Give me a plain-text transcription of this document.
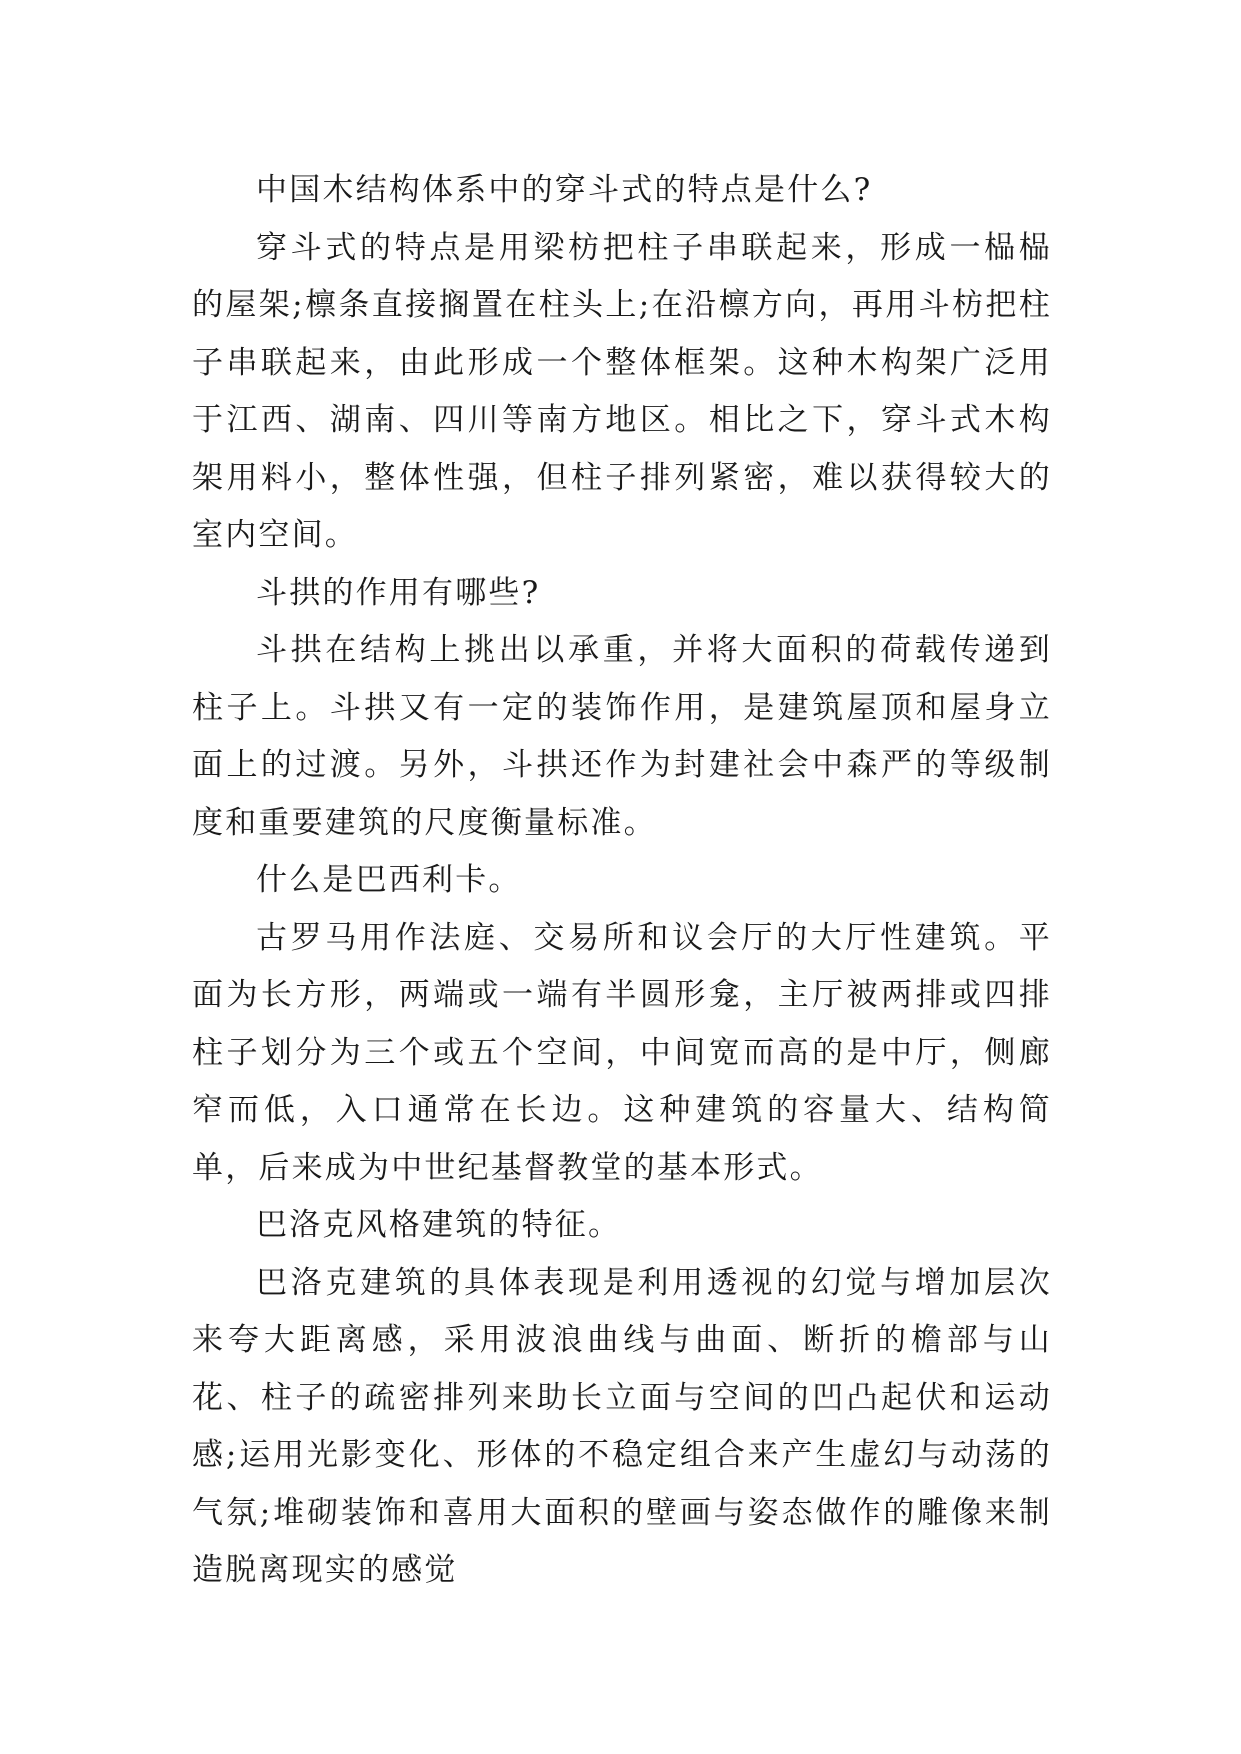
中国木结构体系中的穿斗式的特点是什么?

穿斗式的特点是用梁枋把柱子串联起来，形成一榀榀的屋架;檩条直接搁置在柱头上;在沿檩方向，再用斗枋把柱子串联起来，由此形成一个整体框架。这种木构架广泛用于江西、湖南、四川等南方地区。相比之下，穿斗式木构架用料小，整体性强，但柱子排列紧密，难以获得较大的室内空间。

斗拱的作用有哪些?

斗拱在结构上挑出以承重，并将大面积的荷载传递到柱子上。斗拱又有一定的装饰作用，是建筑屋顶和屋身立面上的过渡。另外，斗拱还作为封建社会中森严的等级制度和重要建筑的尺度衡量标准。

什么是巴西利卡。

古罗马用作法庭、交易所和议会厅的大厅性建筑。平面为长方形，两端或一端有半圆形龛，主厅被两排或四排柱子划分为三个或五个空间，中间宽而高的是中厅，侧廊窄而低，入口通常在长边。这种建筑的容量大、结构简单，后来成为中世纪基督教堂的基本形式。

巴洛克风格建筑的特征。

巴洛克建筑的具体表现是利用透视的幻觉与增加层次来夸大距离感，采用波浪曲线与曲面、断折的檐部与山花、柱子的疏密排列来助长立面与空间的凹凸起伏和运动感;运用光影变化、形体的不稳定组合来产生虚幻与动荡的气氛;堆砌装饰和喜用大面积的壁画与姿态做作的雕像来制造脱离现实的感觉
